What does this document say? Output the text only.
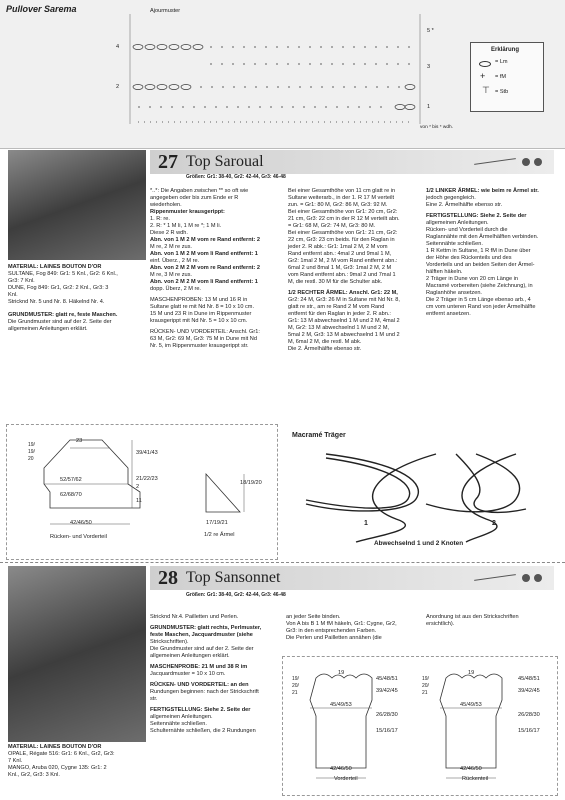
Pullover Sarema	Ajourmuster
5 *
4
3
2
1
von * bis * wdh.
Erklärung
= Lm
+ = fM
⊤ = Stb
27 Top Saroual
Größen: Gr1: 38-40, Gr2: 42-44, Gr3: 46-48
MATERIAL: LAINES BOUTON D'OR
SULTANE, Fog 849: Gr1: 5 Knl., Gr2: 6 Knl.,
Gr3: 7 Knl.
DUNE, Fog 849: Gr1, Gr2: 2 Knl., Gr3: 3
Knl.
Stricknd Nr. 5 und Nr. 8. Häkelnd Nr. 4.
GRUNDMUSTER: glatt re, feste Maschen.
Die Grundmuster sind auf der 2. Seite der
allgemeinen Anleitungen erklärt.
*..*: Die Angaben zwischen ** so oft wie
angegeben oder bis zum Ende er R
wiederholen.
Rippenmuster krausgerippt:
1. R: re.
2. R: * 1 M li, 1 M re *; 1 M li.
Diese 2 R wdh.
Abn. von 1 M 2 M vom re Rand entfernt: 2
M re, 2 M re zus.
Abn. von 1 M 2 M vom li Rand entfernt: 1
einf. Überz., 2 M re.
Abn. von 2 M 2 M vom re Rand entfernt: 2
M re, 3 M re zus.
Abn. von 2 M 2 M vom li Rand entfernt: 1
dopp. Überz, 2 M re.
MASCHENPROBEN: 13 M und 16 R in
Sultane glatt re mit Nd Nr. 8 = 10 x 10 cm.
15 M und 23 R in Dune im Rippenmuster
krausgerippt mit Nd Nr. 5 = 10 x 10 cm.
RÜCKEN- UND VORDERTEIL: Anschl. Gr1:
63 M, Gr2: 69 M, Gr3: 75 M in Dune mit Nd
Nr. 5, im Rippenmuster krausgerippt str.
Bei einer Gesamthöhe von 11 cm glatt re in
Sultane weiterarb., in der 1. R 17 M verteilt
zun. = Gr1: 80 M, Gr2: 86 M, Gr3: 92 M.
Bei einer Gesamthöhe von Gr1: 20 cm, Gr2:
21 cm, Gr3: 22 cm in der R 12 M verteilt abn.
= Gr1: 68 M, Gr2: 74 M, Gr3: 80 M.
Bei einer Gesamthöhe von Gr1: 21 cm, Gr2:
22 cm, Gr3: 23 cm beids. für den Raglan in
jeder 2. R abk.: Gr1: 1mal 2 M, 2 M vom
Rand entfernt abn.: 4mal 2 und 9mal 1 M,
Gr2: 1mal 2 M, 2 M vom Rand entfernt abn.:
6mal 2 und 8mal 1 M, Gr3: 1mal 2 M, 2 M
vom Rand entfernt abn.: 9mal 2 und 7mal 1
M, die restl. 30 M für die Schulter abk.
1/2 RECHTER ÄRMEL: Anschl. Gr1: 22 M,
Gr2: 24 M, Gr3: 26 M in Sultane mit Nd Nr. 8,
glatt re str., am re Rand 2 M vom Rand
entfernt für den Raglan in jeder 2. R abn.:
Gr1: 13 M abwechselnd 1 M und 2 M, 4mal 2
M, Gr2: 13 M abwechselnd 1 M und 2 M,
5mal 2 M, Gr3: 13 M abwechselnd 1 M und 2
M, 6mal 2 M, die restl. M abk.
Die 2. Ärmelhälfte ebenso str.
1/2 LINKER ÄRMEL: wie beim re Ärmel str.
jedoch gegengleich.
Eine 2. Ärmelhälfte ebenso str.
FERTIGSTELLUNG: Siehe 2. Seite der
allgemeinen Anleitungen.
Rücken- und Vorderteil durch die
Raglannähte mit den Ärmelhälften verbinden.
Seitennähte schließen.
1 R Kettm in Sultane, 1 R fM in Dune über
der Höhe des Rückenteils und des
Vorderteils und an beiden Seiten der Ärmel-
hälften häkeln.
2 Träger in Dune von 20 cm Länge in
Macramé vorbereiten (siehe Zeichnung), in
Raglanhöhe ansetzen.
Die 2 Träger in 5 cm Länge ebenso arb., 4
cm vom unteren Rand von jeder Ärmelhälfte
entfernt ansetzen.
19/ 19/ 20
23
39/41/43
52/57/62
62/68/70
21/22/23
2
11
42/46/50
Rücken- und Vorderteil
18/19/20
17/19/21
1/2 re Ärmel
Macramé Träger
1	2
Abwechselnd 1 und 2 Knoten
28 Top Sansonnet
Größen: Gr1: 38-40, Gr2: 42-44, Gr3: 46-48
MATERIAL: LAINES BOUTON D'OR
OPALE, Régate 516: Gr1: 6 Knl., Gr2, Gr3:
7 Knl.
MANGO, Aruba 020, Cygne 135: Gr1: 2
Knl., Gr2, Gr3: 3 Knl.
Stricknd Nr.4. Pailletten und Perlen.
GRUNDMUSTER: glatt rechts, Perlmuster,
feste Maschen, Jacquardmuster (siehe
Strickschriften).
Die Grundmuster sind auf der 2. Seite der
allgemeinen Anleitungen erklärt.
MASCHENPROBE: 21 M und 38 R im
Jacquardmuster = 10 x 10 cm.
RÜCKEN- UND VORDERTEIL: an den
Rundungen beginnen: nach der Strickschrift
str.
FERTIGSTELLUNG: Siehe 2. Seite der
allgemeinen Anleitungen.
Seitennähte schließen.
Schulternähte schließen, die 2 Rundungen
an jeder Seite binden.
Von A bis B 1 M fM häkeln, Gr1: Cygne, Gr2,
Gr3: in den entsprechenden Farben.
Die Perlen und Pailletten annähen (die
Anordnung ist aus den Strickschriften
ersichtlich).
19/ 20/ 21
19
45/49/53
45/48/51
39/42/45
26/28/30
15/16/17
42/46/50
Vorderteil
19/ 20/ 21
19
45/49/53
45/48/51
39/42/45
26/28/30
15/16/17
42/46/50
Rückenteil
